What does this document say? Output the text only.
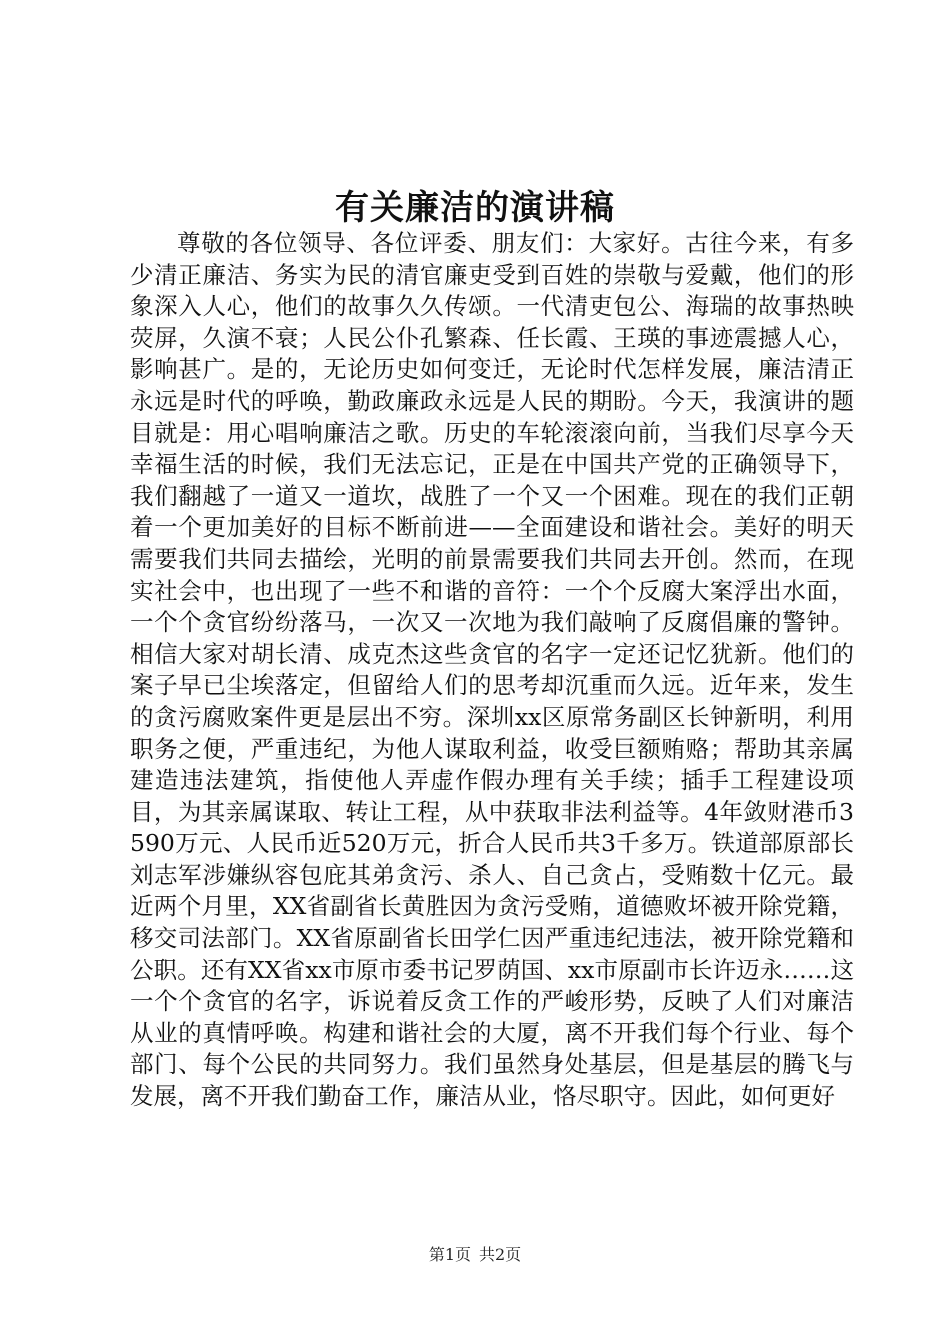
有关廉洁的演讲稿

尊敬的各位领导、各位评委、朋友们：大家好。古往今来，有多少清正廉洁、务实为民的清官廉吏受到百姓的崇敬与爱戴，他们的形象深入人心，他们的故事久久传颂。一代清吏包公、海瑞的故事热映荧屏，久演不衰；人民公仆孔繁森、任长霞、王瑛的事迹震撼人心，影响甚广。是的，无论历史如何变迁，无论时代怎样发展，廉洁清正永远是时代的呼唤，勤政廉政永远是人民的期盼。今天，我演讲的题目就是：用心唱响廉洁之歌。历史的车轮滚滚向前，当我们尽享今天幸福生活的时候，我们无法忘记，正是在中国共产党的正确领导下，我们翻越了一道又一道坎，战胜了一个又一个困难。现在的我们正朝着一个更加美好的目标不断前进——全面建设和谐社会。美好的明天需要我们共同去描绘，光明的前景需要我们共同去开创。然而，在现实社会中，也出现了一些不和谐的音符：一个个反腐大案浮出水面，一个个贪官纷纷落马，一次又一次地为我们敲响了反腐倡廉的警钟。相信大家对胡长清、成克杰这些贪官的名字一定还记忆犹新。他们的案子早已尘埃落定，但留给人们的思考却沉重而久远。近年来，发生的贪污腐败案件更是层出不穷。深圳xx区原常务副区长钟新明，利用职务之便，严重违纪，为他人谋取利益，收受巨额贿赂；帮助其亲属建造违法建筑，指使他人弄虚作假办理有关手续；插手工程建设项目，为其亲属谋取、转让工程，从中获取非法利益等。4年敛财港币3590万元、人民币近520万元，折合人民币共3千多万。铁道部原部长刘志军涉嫌纵容包庇其弟贪污、杀人、自己贪占，受贿数十亿元。最近两个月里，XX省副省长黄胜因为贪污受贿，道德败坏被开除党籍，移交司法部门。XX省原副省长田学仁因严重违纪违法，被开除党籍和公职。还有XX省xx市原市委书记罗荫国、xx市原副市长许迈永……这一个个贪官的名字，诉说着反贪工作的严峻形势，反映了人们对廉洁从业的真情呼唤。构建和谐社会的大厦，离不开我们每个行业、每个部门、每个公民的共同努力。我们虽然身处基层，但是基层的腾飞与发展，离不开我们勤奋工作，廉洁从业，恪尽职守。因此，如何更好

第1页 共2页
